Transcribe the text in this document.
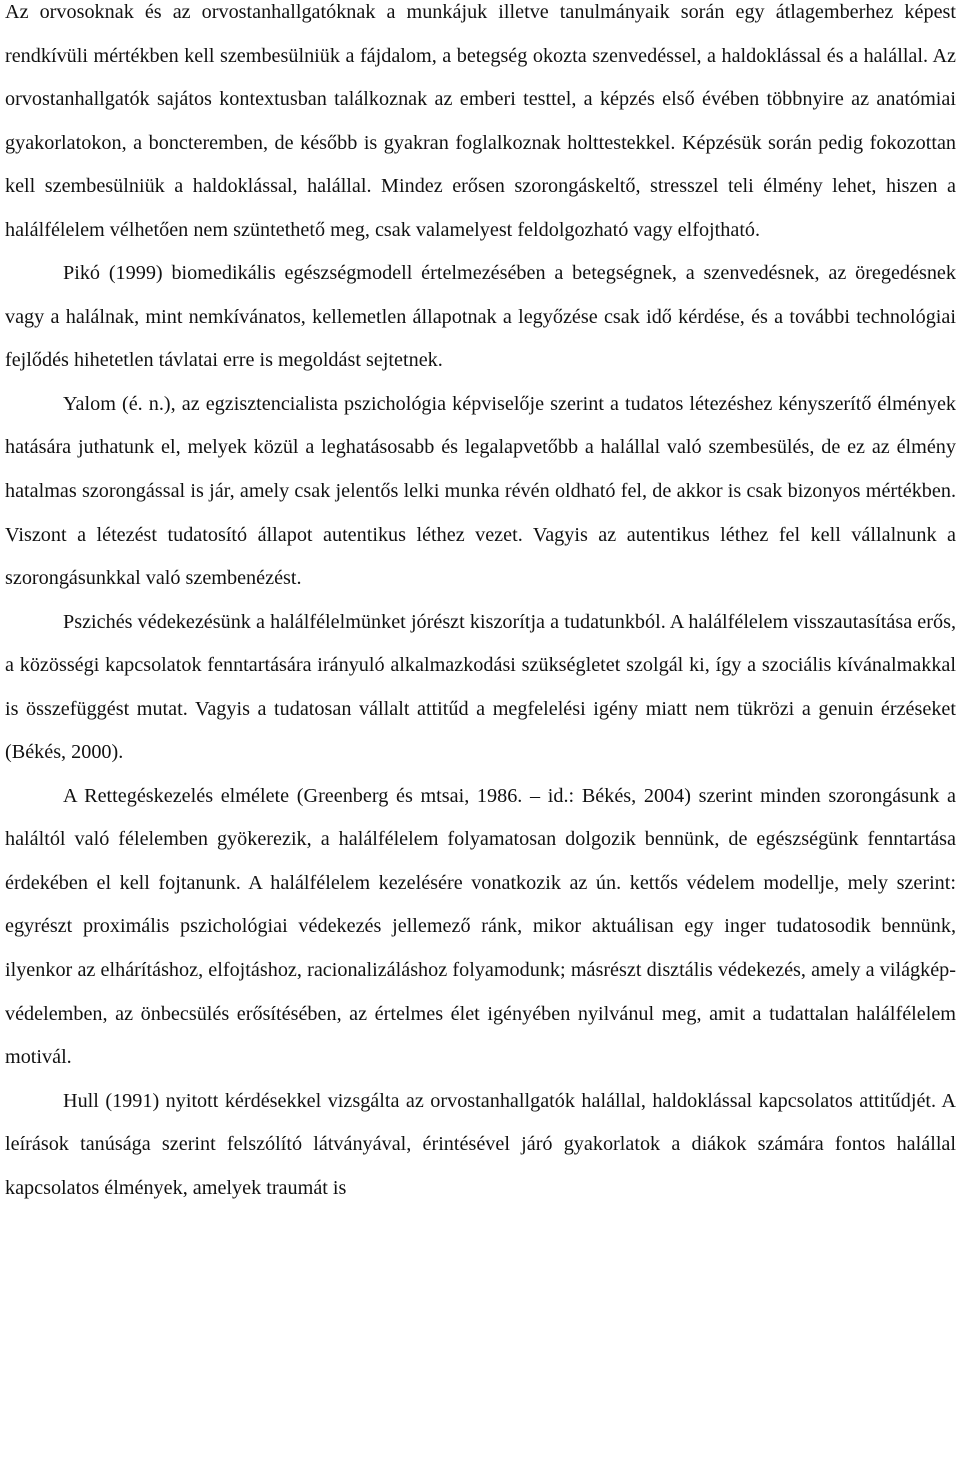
Az orvosoknak és az orvostanhallgatóknak a munkájuk illetve tanulmányaik során egy átlagemberhez képest rendkívüli mértékben kell szembesülniük a fájdalom, a betegség okozta szenvedéssel, a haldoklással és a halállal. Az orvostanhallgatók sajátos kontextusban találkoznak az emberi testtel, a képzés első évében többnyire az anatómiai gyakorlatokon, a boncteremben, de később is gyakran foglalkoznak holttestekkel. Képzésük során pedig fokozottan kell szembesülniük a haldoklással, halállal. Mindez erősen szorongáskeltő, stresszel teli élmény lehet, hiszen a halálfélelem vélhetően nem szüntethető meg, csak valamelyest feldolgozható vagy elfojtható.

Pikó (1999) biomedikális egészségmodell értelmezésében a betegségnek, a szenvedésnek, az öregedésnek vagy a halálnak, mint nemkívánatos, kellemetlen állapotnak a legyőzése csak idő kérdése, és a további technológiai fejlődés hihetetlen távlatai erre is megoldást sejtetnek.

Yalom (é. n.), az egzisztencialista pszichológia képviselője szerint a tudatos létezéshez kényszerítő élmények hatására juthatunk el, melyek közül a leghatásosabb és legalapvetőbb a halállal való szembesülés, de ez az élmény hatalmas szorongással is jár, amely csak jelentős lelki munka révén oldható fel, de akkor is csak bizonyos mértékben. Viszont a létezést tudatosító állapot autentikus léthez vezet. Vagyis az autentikus léthez fel kell vállalnunk a szorongásunkkal való szembenézést.

Pszichés védekezésünk a halálfélelmünket jórészt kiszorítja a tudatunkból. A halálfélelem visszautasítása erős, a közösségi kapcsolatok fenntartására irányuló alkalmazkodási szükségletet szolgál ki, így a szociális kívánalmakkal is összefüggést mutat. Vagyis a tudatosan vállalt attitűd a megfelelési igény miatt nem tükrözi a genuin érzéseket (Békés, 2000).

A Rettegéskezelés elmélete (Greenberg és mtsai, 1986. – id.: Békés, 2004) szerint minden szorongásunk a haláltól való félelemben gyökerezik, a halálfélelem folyamatosan dolgozik bennünk, de egészségünk fenntartása érdekében el kell fojtanunk. A halálfélelem kezelésére vonatkozik az ún. kettős védelem modellje, mely szerint: egyrészt proximális pszichológiai védekezés jellemező ránk, mikor aktuálisan egy inger tudatosodik bennünk, ilyenkor az elhárításhoz, elfojtáshoz, racionalizáláshoz folyamodunk; másrészt disztális védekezés, amely a világkép-védelemben, az önbecsülés erősítésében, az értelmes élet igényében nyilvánul meg, amit a tudattalan halálfélelem motivál.

Hull (1991) nyitott kérdésekkel vizsgálta az orvostanhallgatók halállal, haldoklással kapcsolatos attitűdjét. A leírások tanúsága szerint felszólító látványával, érintésével járó gyakorlatok a diákok számára fontos halállal kapcsolatos élmények, amelyek traumát is
